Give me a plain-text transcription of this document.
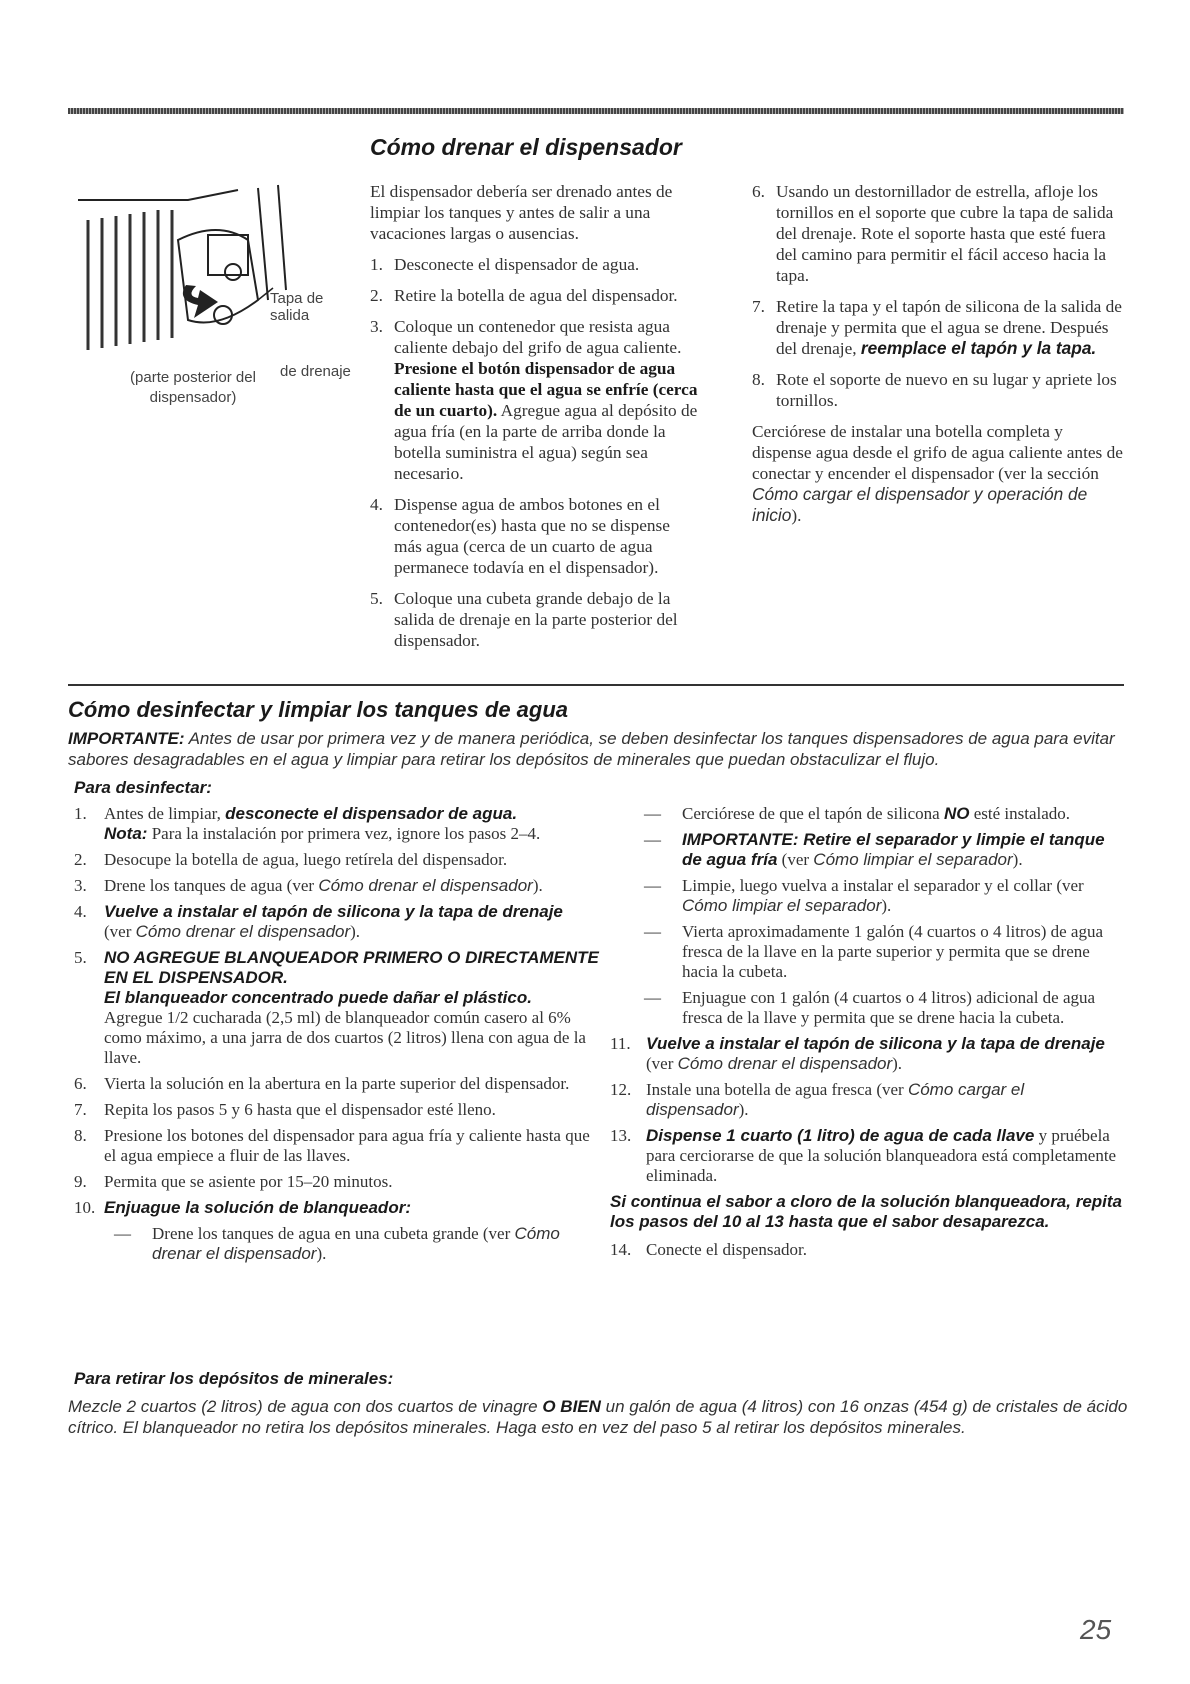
Cómo drenar el dispensador
Tapa de salida
de drenaje
(parte posterior del dispensador)

El dispensador debería ser drenado antes de limpiar los tanques y antes de salir a una vacaciones largas o ausencias.

1. Desconecte el dispensador de agua.
2. Retire la botella de agua del dispensador.
3. Coloque un contenedor que resista agua caliente debajo del grifo de agua caliente. Presione el botón dispensador de agua caliente hasta que el agua se enfríe (cerca de un cuarto). Agregue agua al depósito de agua fría (en la parte de arriba donde la botella suministra el agua) según sea necesario.
4. Dispense agua de ambos botones en el contenedor(es) hasta que no se dispense más agua (cerca de un cuarto de agua permanece todavía en el dispensador).
5. Coloque una cubeta grande debajo de la salida de drenaje en la parte posterior del dispensador.
6. Usando un destornillador de estrella, afloje los tornillos en el soporte que cubre la tapa de salida del drenaje. Rote el soporte hasta que esté fuera del camino para permitir el fácil acceso hacia la tapa.
7. Retire la tapa y el tapón de silicona de la salida de drenaje y permita que el agua se drene. Después del drenaje, reemplace el tapón y la tapa.
8. Rote el soporte de nuevo en su lugar y apriete los tornillos.

Cerciórese de instalar una botella completa y dispense agua desde el grifo de agua caliente antes de conectar y encender el dispensador (ver la sección Cómo cargar el dispensador y operación de inicio).

Cómo desinfectar y limpiar los tanques de agua
IMPORTANTE: Antes de usar por primera vez y de manera periódica, se deben desinfectar los tanques dispensadores de agua para evitar sabores desagradables en el agua y limpiar para retirar los depósitos de minerales que puedan obstaculizar el flujo.
Para desinfectar:
1. Antes de limpiar, desconecte el dispensador de agua.
Nota: Para la instalación por primera vez, ignore los pasos 2–4.
2. Desocupe la botella de agua, luego retírela del dispensador.
3. Drene los tanques de agua (ver Cómo drenar el dispensador).
4. Vuelve a instalar el tapón de silicona y la tapa de drenaje
(ver Cómo drenar el dispensador).
5. NO AGREGUE BLANQUEADOR PRIMERO O DIRECTAMENTE EN EL DISPENSADOR.
El blanqueador concentrado puede dañar el plástico.
Agregue 1/2 cucharada (2,5 ml) de blanqueador común casero al 6% como máximo, a una jarra de dos cuartos (2 litros) llena con agua de la llave.
6. Vierta la solución en la abertura en la parte superior del dispensador.
7. Repita los pasos 5 y 6 hasta que el dispensador esté lleno.
8. Presione los botones del dispensador para agua fría y caliente hasta que el agua empiece a fluir de las llaves.
9. Permita que se asiente por 15–20 minutos.
10. Enjuague la solución de blanqueador:
— Drene los tanques de agua en una cubeta grande (ver Cómo drenar el dispensador).
— Cerciórese de que el tapón de silicona NO esté instalado.
— IMPORTANTE: Retire el separador y limpie el tanque de agua fría (ver Cómo limpiar el separador).
— Limpie, luego vuelva a instalar el separador y el collar (ver Cómo limpiar el separador).
— Vierta aproximadamente 1 galón (4 cuartos o 4 litros) de agua fresca de la llave en la parte superior y permita que se drene hacia la cubeta.
— Enjuague con 1 galón (4 cuartos o 4 litros) adicional de agua fresca de la llave y permita que se drene hacia la cubeta.
11. Vuelve a instalar el tapón de silicona y la tapa de drenaje
(ver Cómo drenar el dispensador).
12. Instale una botella de agua fresca (ver Cómo cargar el dispensador).
13. Dispense 1 cuarto (1 litro) de agua de cada llave y pruébela para cerciorarse de que la solución blanqueadora está completamente eliminada.
Si continua el sabor a cloro de la solución blanqueadora, repita los pasos del 10 al 13 hasta que el sabor desaparezca.
14. Conecte el dispensador.
Para retirar los depósitos de minerales:
Mezcle 2 cuartos (2 litros) de agua con dos cuartos de vinagre O BIEN un galón de agua (4 litros) con 16 onzas (454 g) de cristales de ácido cítrico. El blanqueador no retira los depósitos minerales. Haga esto en vez del paso 5 al retirar los depósitos minerales.
25
